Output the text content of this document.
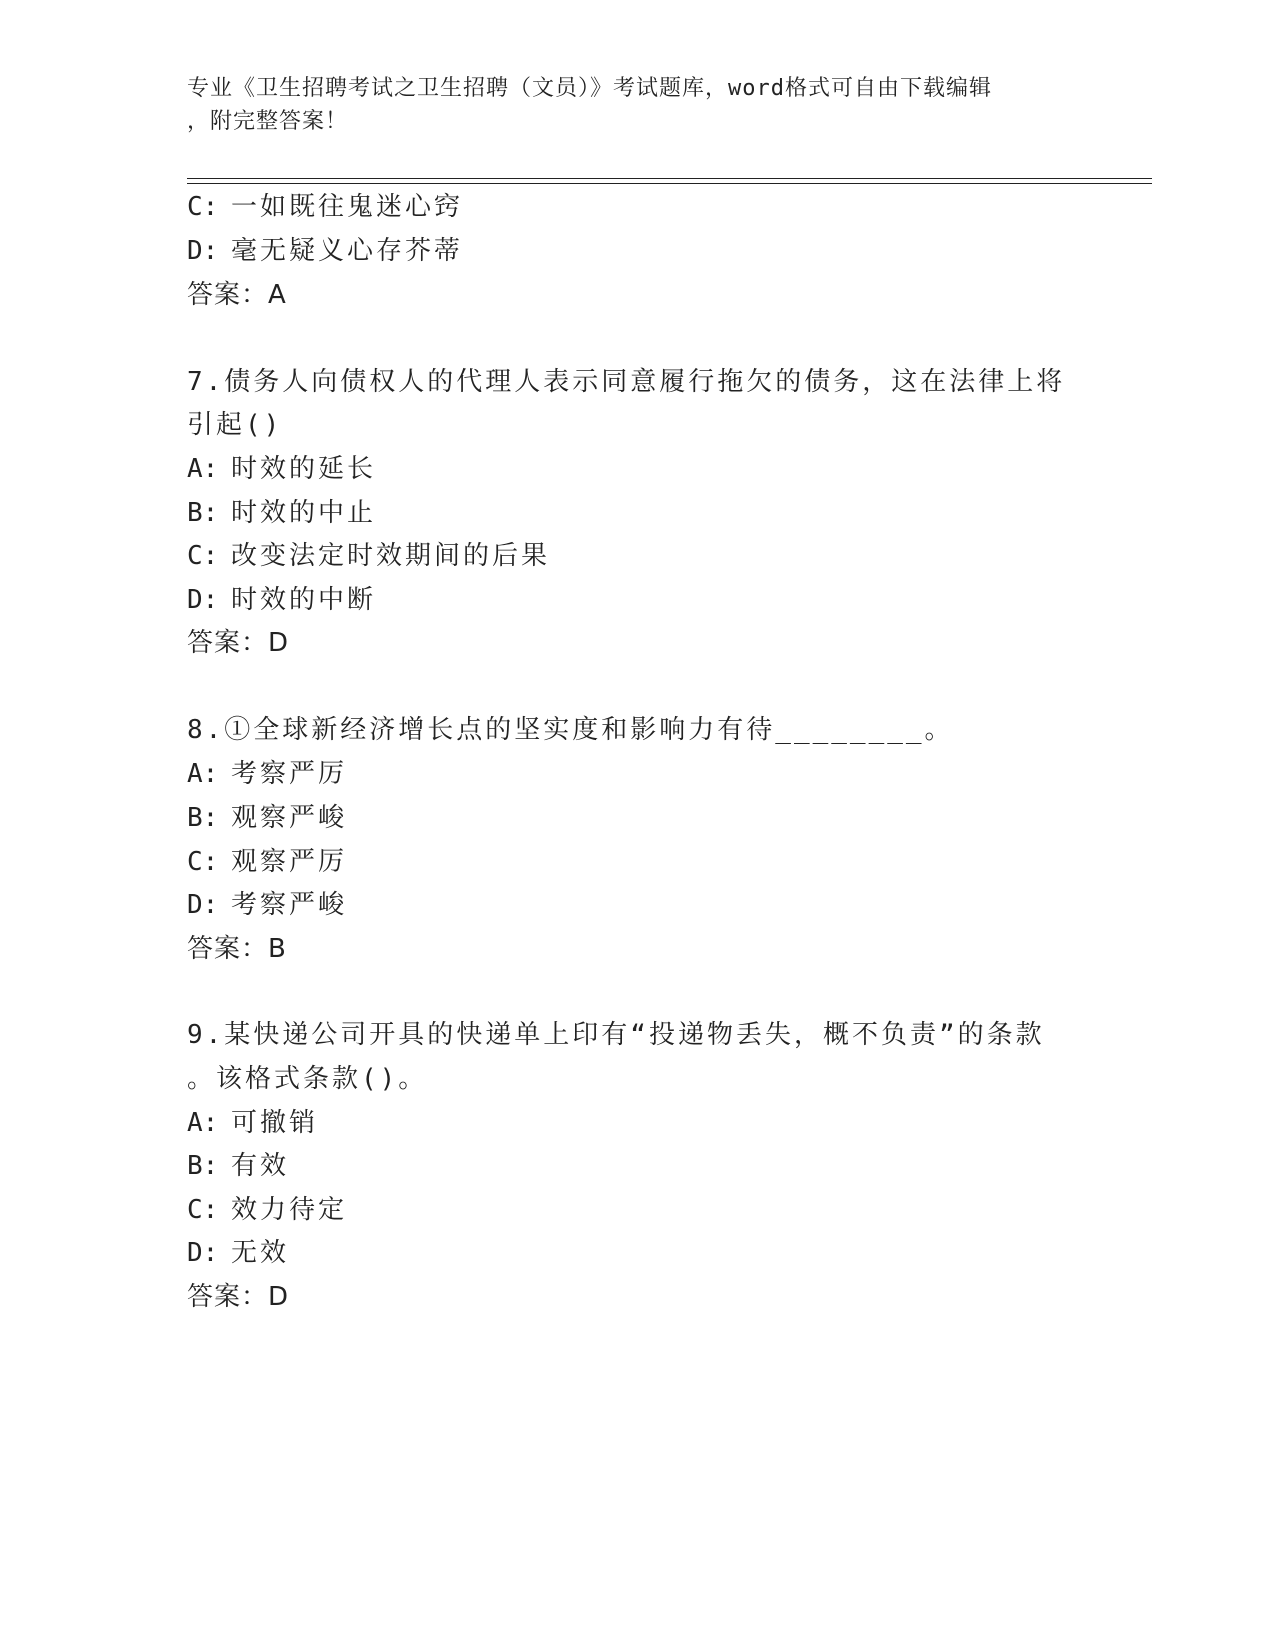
专业《卫生招聘考试之卫生招聘（文员）》考试题库，word格式可自由下载编辑
，附完整答案！
C: 一如既往鬼迷心窍
D: 毫无疑义心存芥蒂
答案：A
7.债务人向债权人的代理人表示同意履行拖欠的债务，这在法律上将
引起()
A: 时效的延长
B: 时效的中止
C: 改变法定时效期间的后果
D: 时效的中断
答案：D
8.①全球新经济增长点的坚实度和影响力有待________。
A: 考察严厉
B: 观察严峻
C: 观察严厉
D: 考察严峻
答案：B
9.某快递公司开具的快递单上印有“投递物丢失，概不负责”的条款
。该格式条款()。
A: 可撤销
B: 有效
C: 效力待定
D: 无效
答案：D
